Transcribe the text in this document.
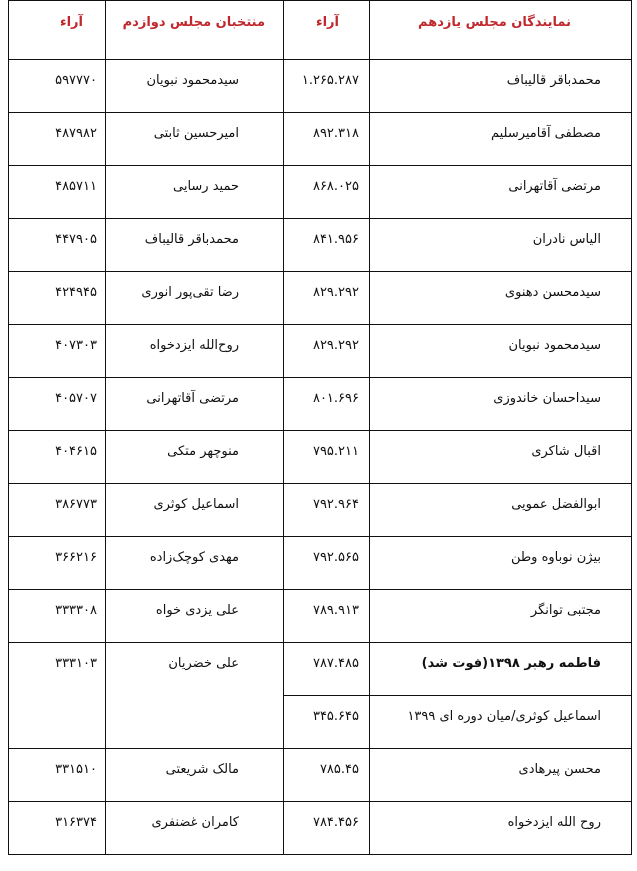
نمایندگان مجلس یازدهم	آراء	منتخبان مجلس دوازدم	آراء
محمدباقر قالیباف	۱.۲۶۵.۲۸۷	سیدمحمود نبویان	۵۹۷۷۷۰
مصطفی آقامیرسلیم	۸۹۲.۳۱۸	امیرحسین ثابتی	۴۸۷۹۸۲
مرتضی آقاتهرانی	۸۶۸.۰۲۵	حمید رسایی	۴۸۵۷۱۱
الیاس نادران	۸۴۱.۹۵۶	محمدباقر قالیباف	۴۴۷۹۰۵
سیدمحسن دهنوی	۸۲۹.۲۹۲	رضا تقی‌پور انوری	۴۲۴۹۴۵
سیدمحمود نبویان	۸۲۹.۲۹۲	روح‌الله ایزدخواه	۴۰۷۳۰۳
سیداحسان خاندوزی	۸۰۱.۶۹۶	مرتضی آقاتهرانی	۴۰۵۷۰۷
اقبال شاکری	۷۹۵.۲۱۱	منوچهر متکی	۴۰۴۶۱۵
ابوالفضل عمویی	۷۹۲.۹۶۴	اسماعیل کوثری	۳۸۶۷۷۳
بیژن نوباوه وطن	۷۹۲.۵۶۵	مهدی کوچک‌زاده	۳۶۶۲۱۶
مجتبی توانگر	۷۸۹.۹۱۳	علی یزدی خواه	۳۳۳۳۰۸
فاطمه رهبر ۱۳۹۸(فوت شد)	۷۸۷.۴۸۵	علی خضریان	۳۳۳۱۰۳
اسماعیل کوثری/میان دوره ای ۱۳۹۹	۳۴۵.۶۴۵		
محسن پیرهادی	۷۸۵.۴۵	مالک شریعتی	۳۳۱۵۱۰
روح الله ایزدخواه	۷۸۴.۴۵۶	کامران غضنفری	۳۱۶۳۷۴
